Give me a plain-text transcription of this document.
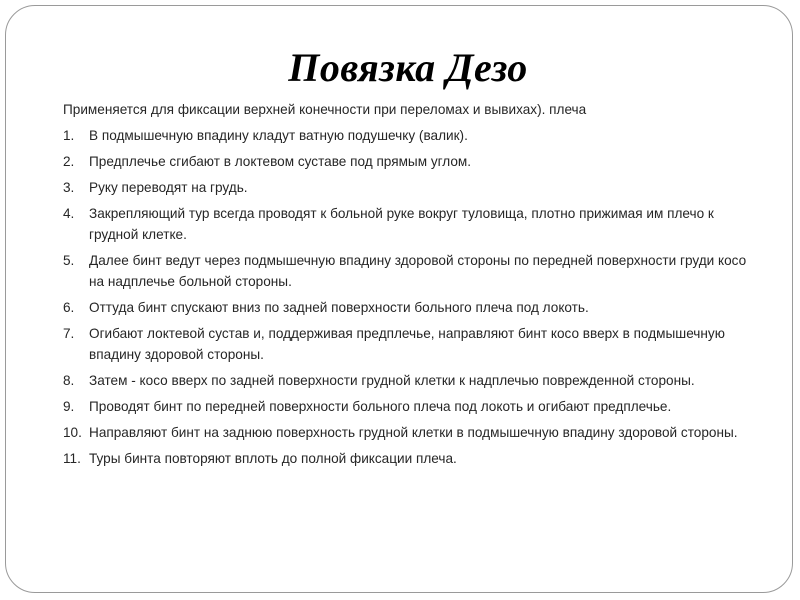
Повязка Дезо
Применяется для фиксации верхней конечности при переломах и вывихах). плеча
1.	В подмышечную впадину кладут ватную подушечку (валик).
2.	Предплечье сгибают в локтевом суставе под прямым углом.
3.	Руку переводят на грудь.
4.	Закрепляющий тур всегда проводят к больной руке вокруг туловища, плотно прижимая им плечо к грудной клетке.
5.	Далее бинт ведут через подмышечную впадину здоровой стороны по передней поверхности груди косо на надплечье больной стороны.
6.	Оттуда бинт спускают вниз по задней поверхности больного плеча под локоть.
7.	Огибают локтевой сустав и, поддерживая предплечье, направляют бинт косо вверх в подмышечную впадину здоровой стороны.
8.	Затем - косо вверх по задней поверхности грудной клетки к надплечью поврежденной стороны.
9.	Проводят бинт по передней поверхности больного плеча под локоть и огибают предплечье.
10. Направляют бинт на заднюю поверхность грудной клетки в подмышечную впадину здоровой стороны.
11. Туры бинта повторяют вплоть до полной фиксации плеча.
